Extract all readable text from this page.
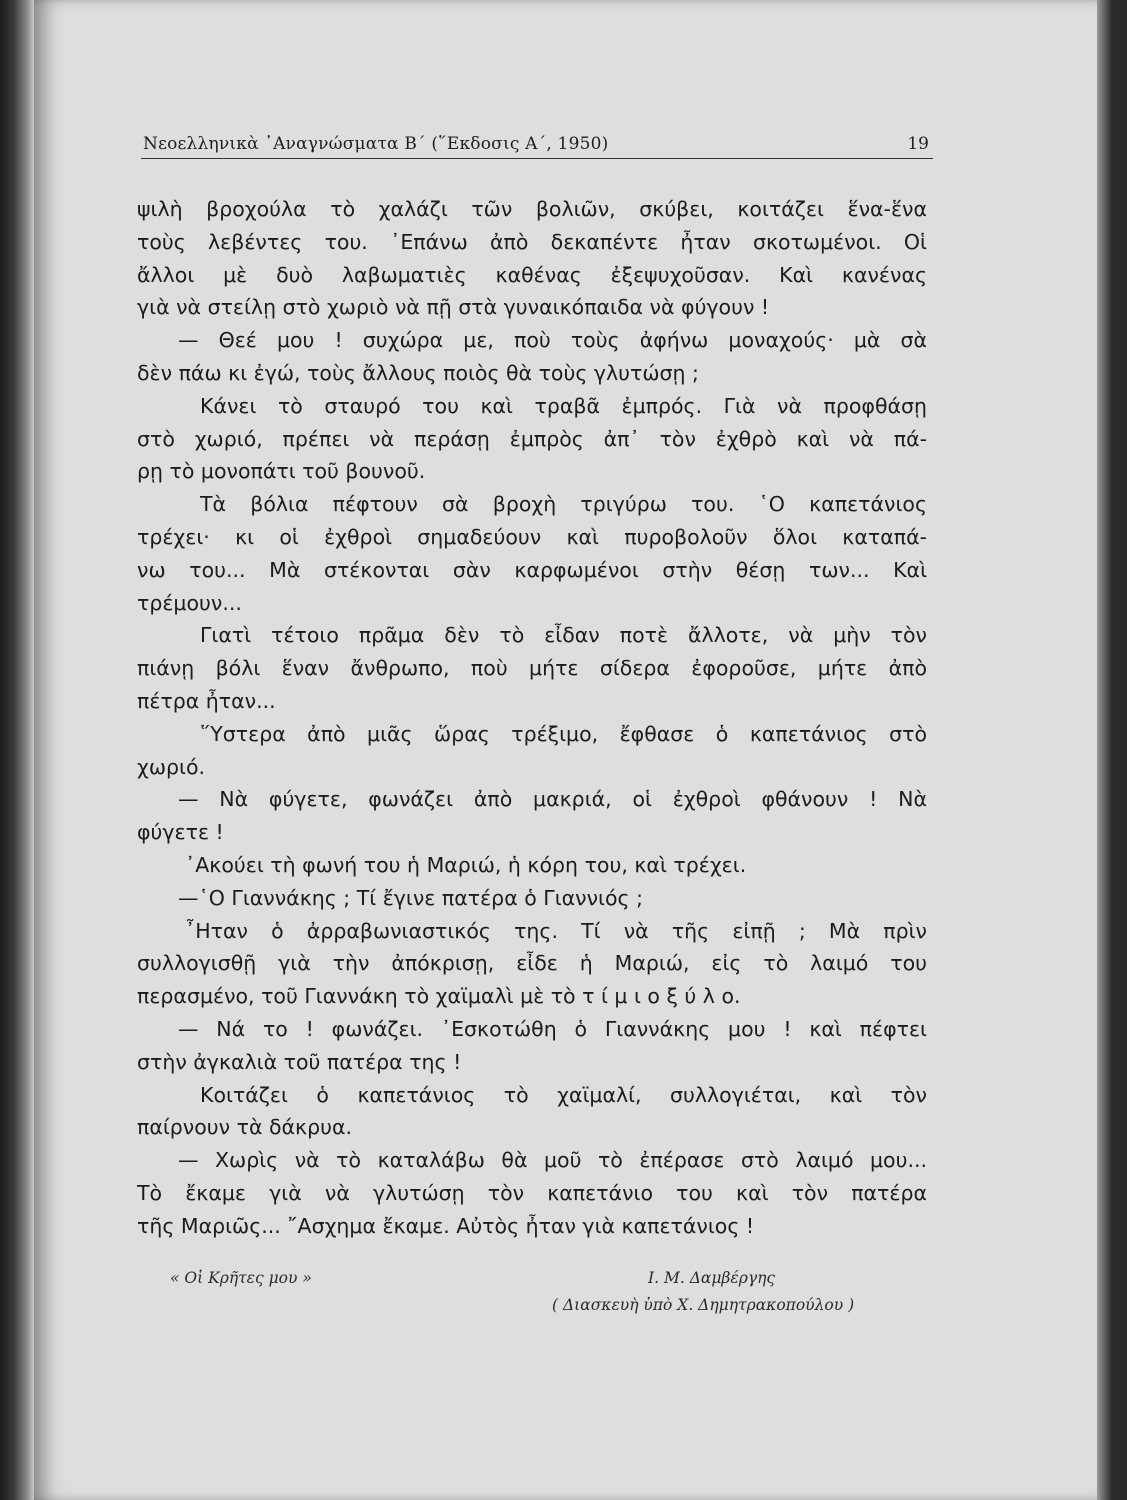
Νεοελληνικὰ ᾿Αναγνώσματα Β΄ (῞Εκδοσις Α΄, 1950)	19
ψιλὴ βροχούλα τὸ χαλάζι τῶν βολιῶν, σκύβει, κοιτάζει ἕνα-ἕνα
τοὺς λεβέντες του. ᾿Επάνω ἀπὸ δεκαπέντε ἦταν σκοτωμένοι. Οἱ
ἄλλοι μὲ δυὸ λαβωματιὲς καθένας ἐξεψυχοῦσαν. Καὶ κανένας
γιὰ νὰ στείλῃ στὸ χωριὸ νὰ πῇ στὰ γυναικόπαιδα νὰ φύγουν !
— Θεέ μου ! συχώρα με, ποὺ τοὺς ἀφήνω μοναχούς· μὰ σὰ
δὲν πάω κι ἐγώ, τοὺς ἄλλους ποιὸς θὰ τοὺς γλυτώσῃ ;
Κάνει τὸ σταυρό του καὶ τραβᾶ ἐμπρός. Γιὰ νὰ προφθάσῃ
στὸ χωριό, πρέπει νὰ περάσῃ ἐμπρὸς ἀπ᾿ τὸν ἐχθρὸ καὶ νὰ πά-
ρῃ τὸ μονοπάτι τοῦ βουνοῦ.
Τὰ βόλια πέφτουν σὰ βροχὴ τριγύρω του. ῾Ο καπετάνιος
τρέχει· κι οἱ ἐχθροὶ σημαδεύουν καὶ πυροβολοῦν ὅλοι καταπά-
νω του... Μὰ στέκονται σὰν καρφωμένοι στὴν θέσῃ των... Καὶ
τρέμουν...
Γιατὶ τέτοιο πρᾶμα δὲν τὸ εἶδαν ποτὲ ἄλλοτε, νὰ μὴν τὸν
πιάνῃ βόλι ἕναν ἄνθρωπο, ποὺ μήτε σίδερα ἐφοροῦσε, μήτε ἀπὸ
πέτρα ἦταν...
῞Υστερα ἀπὸ μιᾶς ὥρας τρέξιμο, ἔφθασε ὁ καπετάνιος στὸ
χωριό.
— Νὰ φύγετε, φωνάζει ἀπὸ μακριά, οἱ ἐχθροὶ φθάνουν ! Νὰ
φύγετε !
᾿Ακούει τὴ φωνή του ἡ Μαριώ, ἡ κόρη του, καὶ τρέχει.
—῾Ο Γιαννάκης ; Τί ἔγινε πατέρα ὁ Γιαννιός ;
῏Ηταν ὁ ἀρραβωνιαστικός της. Τί νὰ τῆς εἰπῇ ; Μὰ πρὶν
συλλογισθῇ γιὰ τὴν ἀπόκρισῃ, εἶδε ἡ Μαριώ, εἰς τὸ λαιμό του
περασμένο, τοῦ Γιαννάκη τὸ χαϊμαλὶ μὲ τὸ τ ί μ ι ο ξ ύ λ ο.
— Νά το ! φωνάζει. ᾿Εσκοτώθη ὁ Γιαννάκης μου ! καὶ πέφτει
στὴν ἀγκαλιὰ τοῦ πατέρα της !
Κοιτάζει ὁ καπετάνιος τὸ χαϊμαλί, συλλογιέται, καὶ τὸν
παίρνουν τὰ δάκρυα.
— Χωρὶς νὰ τὸ καταλάβω θὰ μοῦ τὸ ἐπέρασε στὸ λαιμό μου...
Τὸ ἔκαμε γιὰ νὰ γλυτώσῃ τὸν καπετάνιο του καὶ τὸν πατέρα
τῆς Μαριῶς... ῎Ασχημα ἔκαμε. Αὐτὸς ἦταν γιὰ καπετάνιος !
« Οἱ Κρῆτες μου »	Ι. Μ. Δαμβέργης
( Διασκευὴ ὑπὸ Χ. Δημητρακοπούλου )
